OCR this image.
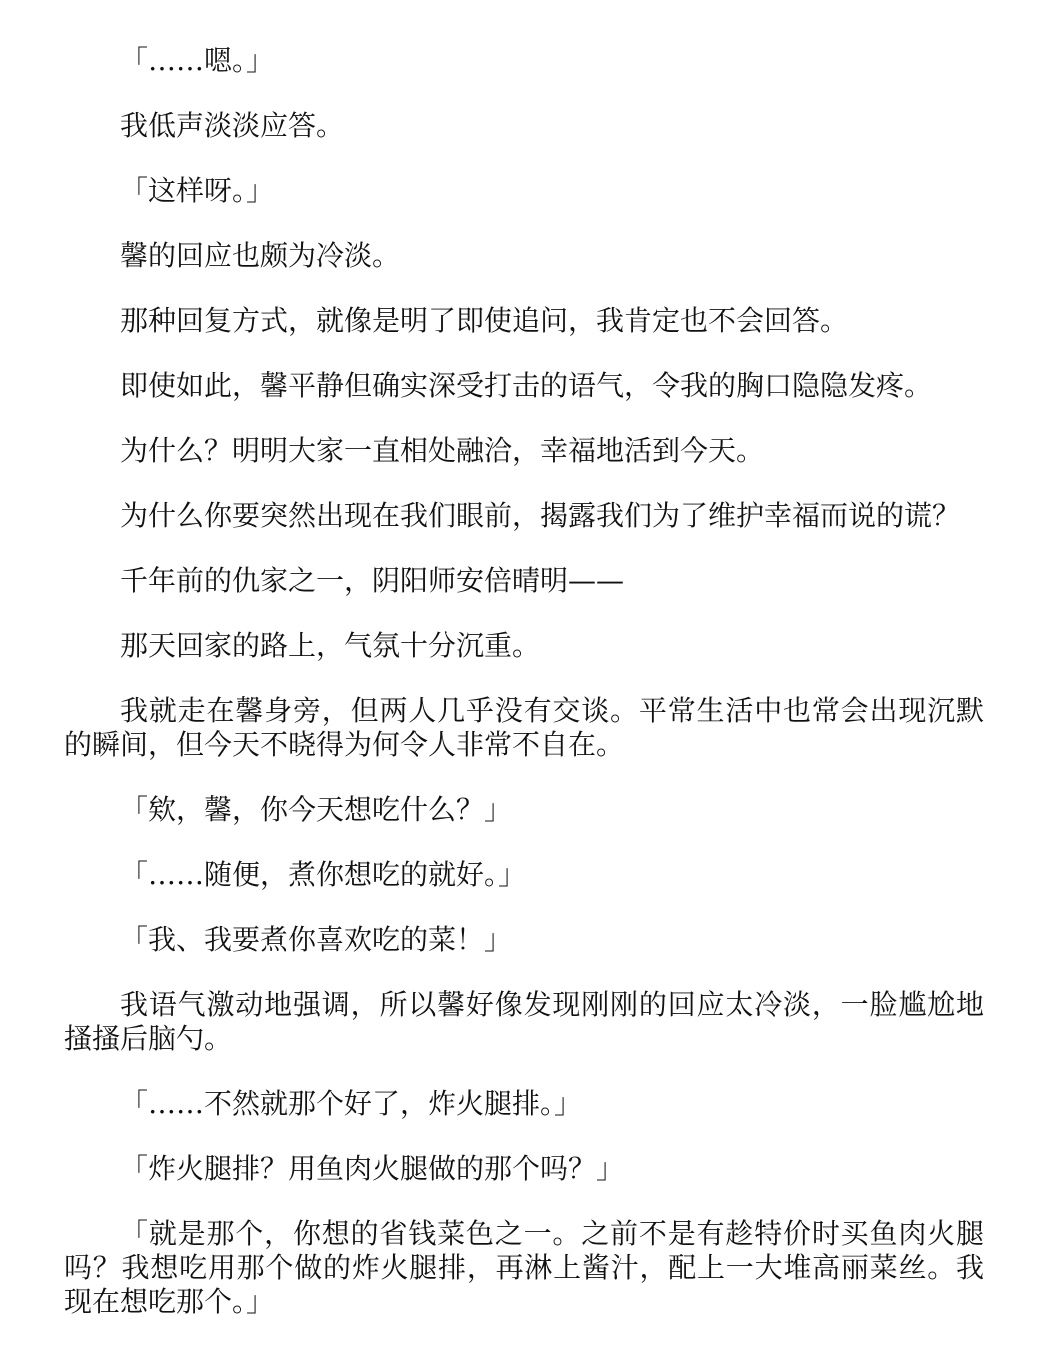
「……嗯。」

我低声淡淡应答。

「这样呀。」

馨的回应也颇为冷淡。

那种回复方式，就像是明了即使追问，我肯定也不会回答。

即使如此，馨平静但确实深受打击的语气，令我的胸口隐隐发疼。

为什么？明明大家一直相处融洽，幸福地活到今天。

为什么你要突然出现在我们眼前，揭露我们为了维护幸福而说的谎？

千年前的仇家之一，阴阳师安倍晴明——

那天回家的路上，气氛十分沉重。

我就走在馨身旁，但两人几乎没有交谈。平常生活中也常会出现沉默的瞬间，但今天不晓得为何令人非常不自在。

「欸，馨，你今天想吃什么？」

「……随便，煮你想吃的就好。」

「我、我要煮你喜欢吃的菜！」

我语气激动地强调，所以馨好像发现刚刚的回应太冷淡，一脸尴尬地搔搔后脑勺。

「……不然就那个好了，炸火腿排。」

「炸火腿排？用鱼肉火腿做的那个吗？」

「就是那个，你想的省钱菜色之一。之前不是有趁特价时买鱼肉火腿吗？我想吃用那个做的炸火腿排，再淋上酱汁，配上一大堆高丽菜丝。我现在想吃那个。」
